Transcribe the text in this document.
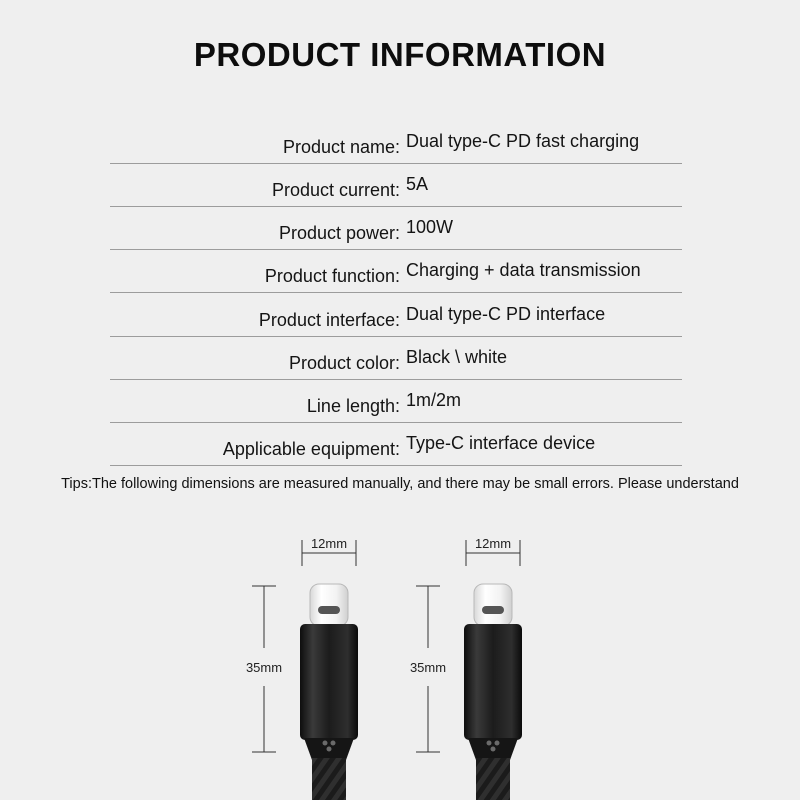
PRODUCT INFORMATION
Product name: Dual type-C PD fast charging
Product current: 5A
Product power: 100W
Product function: Charging + data transmission
Product interface: Dual type-C PD interface
Product color: Black \ white
Line length: 1m/2m
Applicable equipment: Type-C interface device
Tips:The following dimensions are measured manually, and there may be small errors. Please understand
12mm
35mm
12mm
35mm
